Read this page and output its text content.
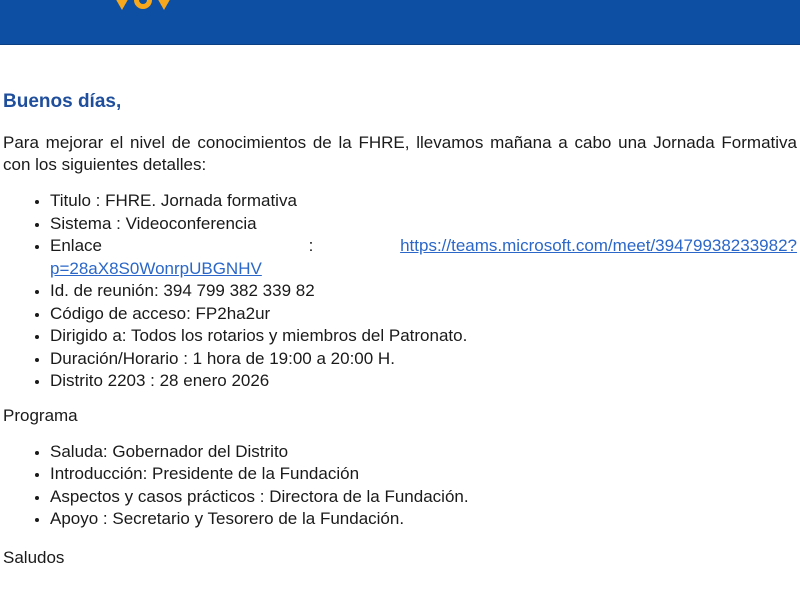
Buenos días,

Para mejorar el nivel de conocimientos de la FHRE, llevamos mañana a cabo una Jornada Formativa con los siguientes detalles:

• Titulo : FHRE. Jornada formativa
• Sistema : Videoconferencia
• Enlace	:	https://teams.microsoft.com/meet/39479938233982?
p=28aX8S0WonrpUBGNHV
• Id. de reunión: 394 799 382 339 82
• Código de acceso: FP2ha2ur
• Dirigido a: Todos los rotarios y miembros del Patronato.
• Duración/Horario : 1 hora de 19:00 a 20:00 H.
• Distrito 2203 : 28 enero 2026

Programa

• Saluda: Gobernador del Distrito
• Introducción: Presidente de la Fundación
• Aspectos y casos prácticos : Directora de la Fundación.
• Apoyo : Secretario y Tesorero de la Fundación.

Saludos
